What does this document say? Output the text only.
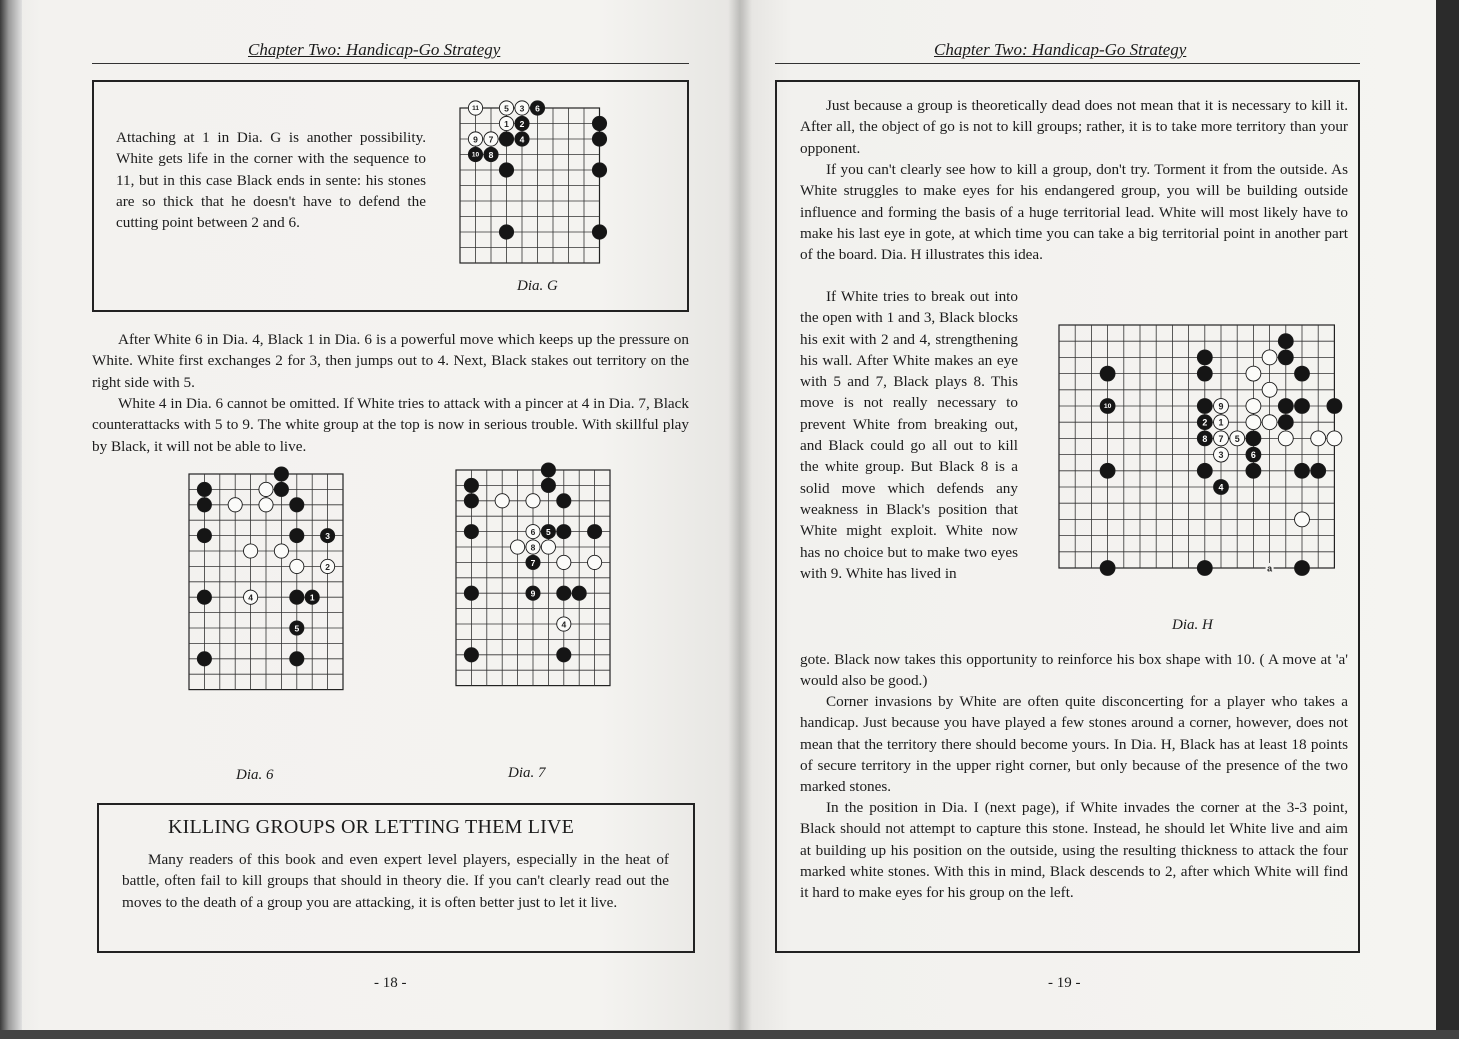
Chapter Two: Handicap-Go Strategy

Attaching at 1 in Dia. G is another possibility. White gets life in the corner with the sequence to 11, but in this case Black ends in sente: his stones are so thick that he doesn't have to defend the cutting point between 2 and 6.

11	5 3 6
1 2
9 7	4
10 8
Dia. G

After White 6 in Dia. 4, Black 1 in Dia. 6 is a powerful move which keeps up the pressure on White. White first exchanges 2 for 3, then jumps out to 4. Next, Black stakes out territory on the right side with 5.

White 4 in Dia. 6 cannot be omitted. If White tries to attack with a pincer at 4 in Dia. 7, Black counterattacks with 5 to 9. The white group at the top is now in serious trouble. With skillful play by Black, it will not be able to live.

3
2
4	1
5
Dia. 6
6 5
8
7
9
4
Dia. 7
KILLING GROUPS OR LETTING THEM LIVE

Many readers of this book and even expert level players, especially in the heat of battle, often fail to kill groups that should in theory die. If you can't clearly read out the moves to the death of a group you are attacking, it is often better just to let it live.

- 18 -
Chapter Two: Handicap-Go Strategy

Just because a group is theoretically dead does not mean that it is necessary to kill it. After all, the object of go is not to kill groups; rather, it is to take more territory than your opponent.

If you can't clearly see how to kill a group, don't try. Torment it from the outside. As White struggles to make eyes for his endangered group, you will be building outside influence and forming the basis of a huge territorial lead. White will most likely have to make his last eye in gote, at which time you can take a big territorial point in another part of the board. Dia. H illustrates this idea.

If White tries to break out into the open with 1 and 3, Black blocks his exit with 2 and 4, strengthening his wall. After White makes an eye with 5 and 7, Black plays 8. This move is not really necessary to prevent White from breaking out, and Black could go all out to kill the white group. But Black 8 is a solid move which defends any weakness in Black's position that White might exploit. White now has no choice but to make two eyes with 9. White has lived in

gote. Black now takes this opportunity to reinforce his box shape with 10. ( A move at 'a' would also be good.)

10	9
2 1
8 7 5
3	6
4
a
Dia. H

Corner invasions by White are often quite disconcerting for a player who takes a handicap. Just because you have played a few stones around a corner, however, does not mean that the territory there should become yours. In Dia. H, Black has at least 18 points of secure territory in the upper right corner, but only because of the presence of the two marked stones.

In the position in Dia. I (next page), if White invades the corner at the 3-3 point, Black should not attempt to capture this stone. Instead, he should let White live and aim at building up his position on the outside, using the resulting thickness to attack the four marked white stones. With this in mind, Black descends to 2, after which White will find it hard to make eyes for his group on the left.

- 19 -
